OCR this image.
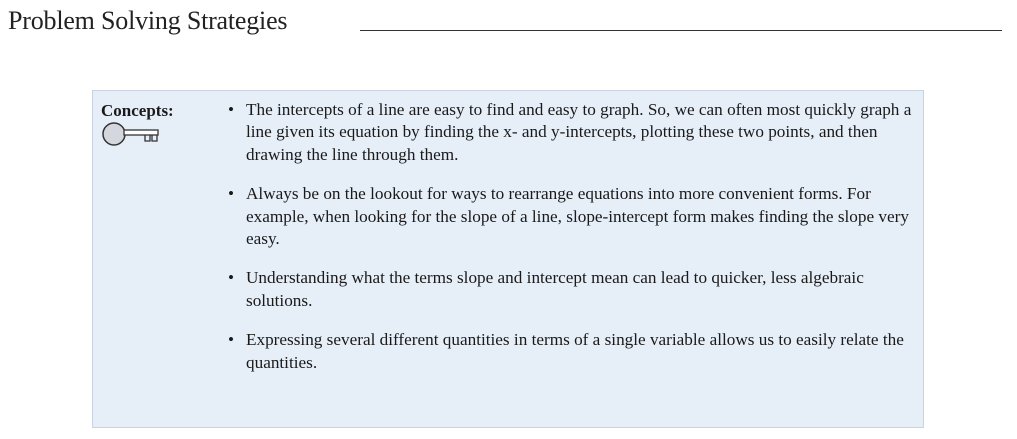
Problem Solving Strategies
Concepts:	• The intercepts of a line are easy to find and easy to graph. So, we can often most quickly graph a line given its equation by finding the x- and y-intercepts, plotting these two points, and then drawing the line through them.
• Always be on the lookout for ways to rearrange equations into more convenient forms. For example, when looking for the slope of a line, slope-intercept form makes finding the slope very easy.
• Understanding what the terms slope and intercept mean can lead to quicker, less algebraic solutions.
• Expressing several different quantities in terms of a single variable allows us to easily relate the quantities.
